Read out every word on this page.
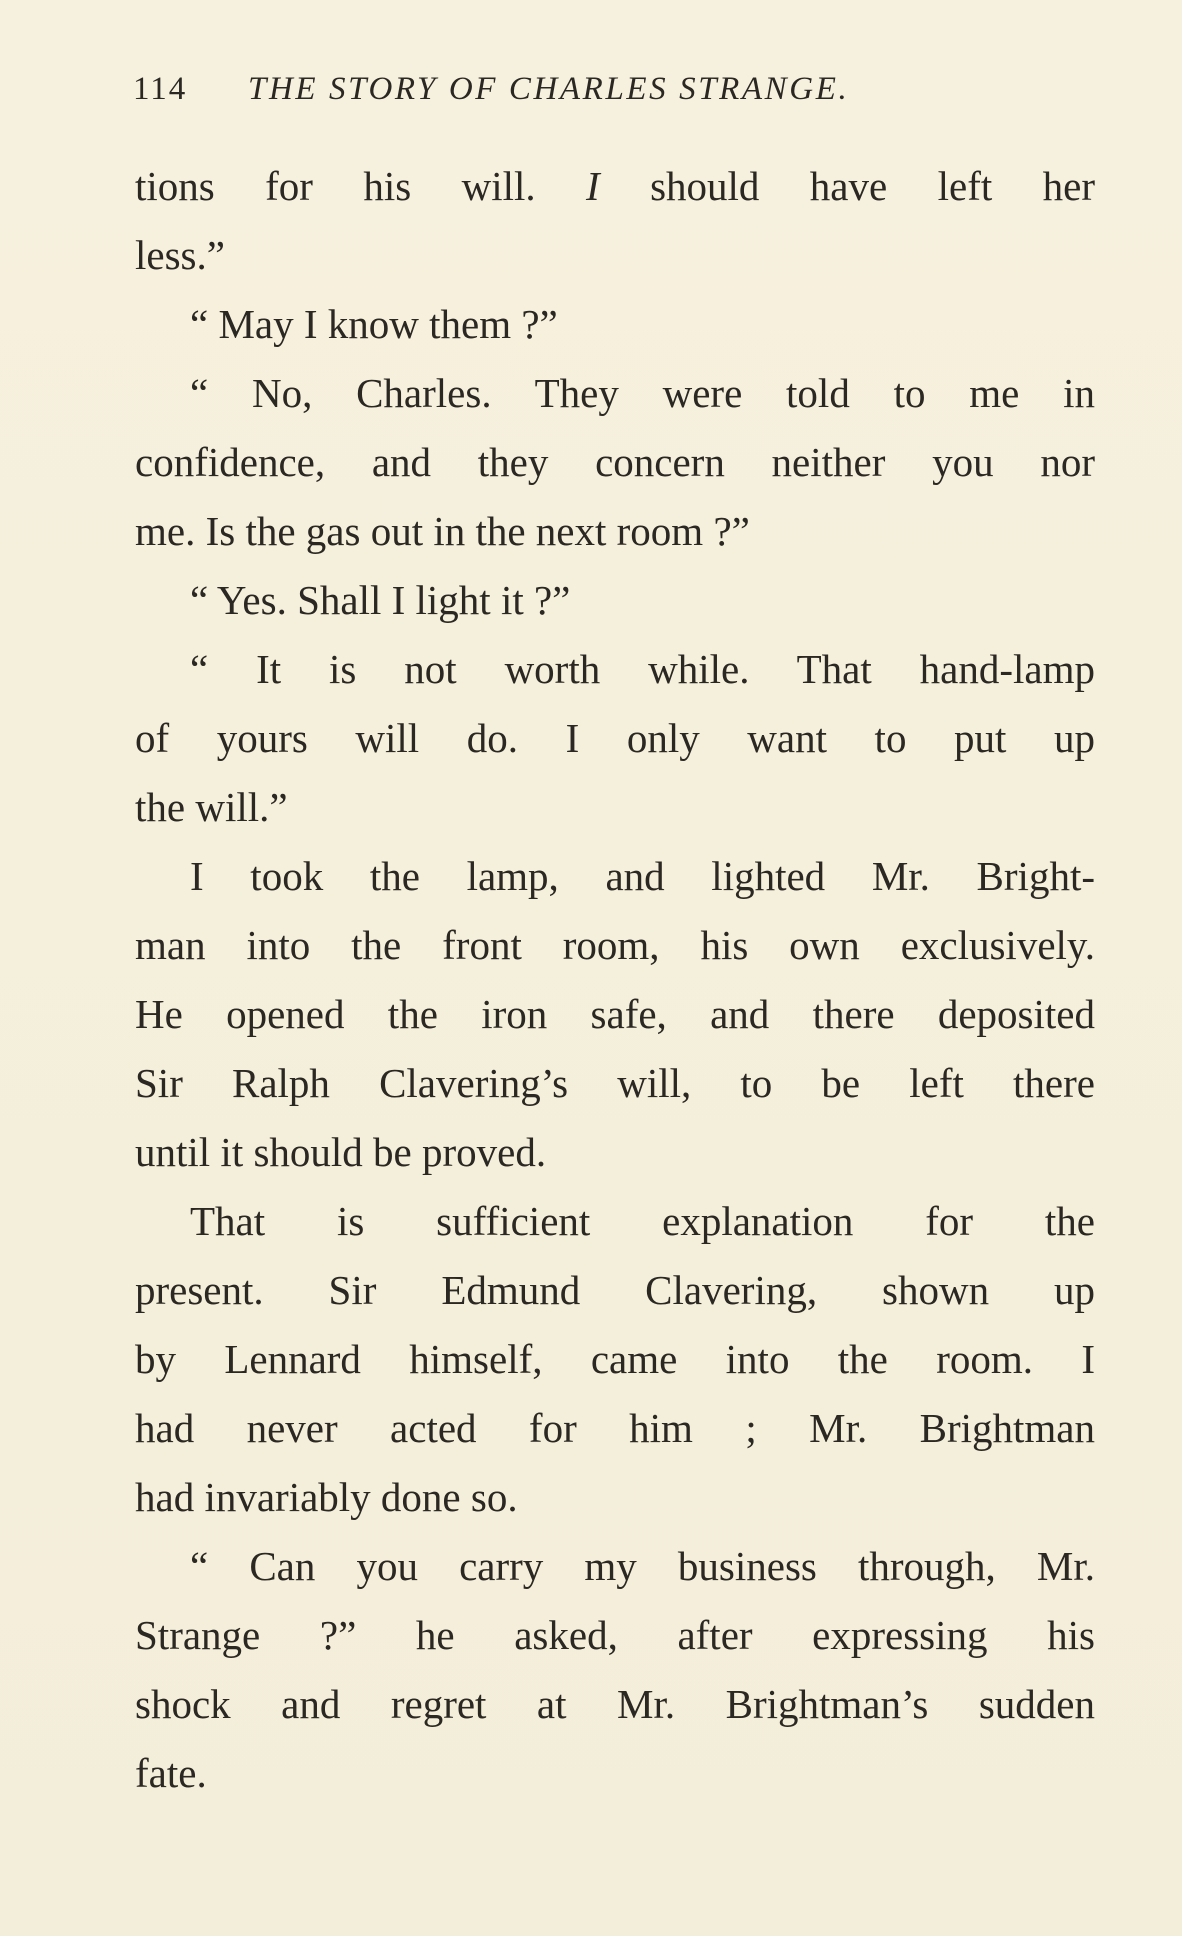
114 THE STORY OF CHARLES STRANGE.
tions for his will. I should have left her
less.”
“ May I know them ?”
“ No, Charles. They were told to me in
confidence, and they concern neither you nor
me. Is the gas out in the next room ?”
“ Yes. Shall I light it ?”
“ It is not worth while. That hand-lamp
of yours will do. I only want to put up
the will.”
I took the lamp, and lighted Mr. Bright-
man into the front room, his own exclusively.
He opened the iron safe, and there deposited
Sir Ralph Clavering’s will, to be left there
until it should be proved.
That is sufficient explanation for the
present. Sir Edmund Clavering, shown up
by Lennard himself, came into the room. I
had never acted for him ; Mr. Brightman
had invariably done so.
“ Can you carry my business through, Mr.
Strange ?” he asked, after expressing his
shock and regret at Mr. Brightman’s sudden
fate.
